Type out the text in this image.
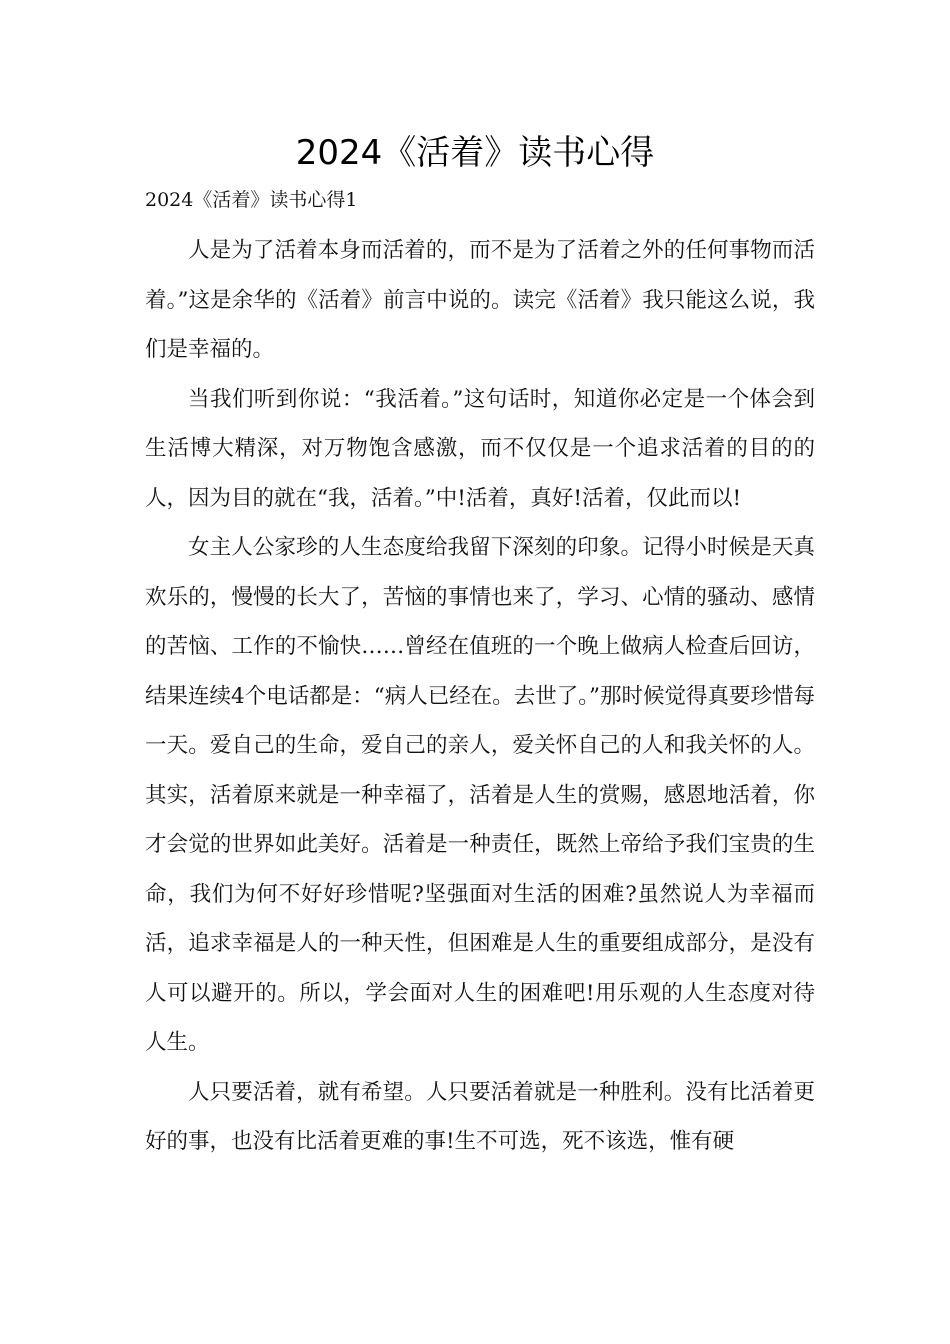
2024《活着》读书心得

2024《活着》读书心得1

人是为了活着本身而活着的，而不是为了活着之外的任何事物而活着。”这是余华的《活着》前言中说的。读完《活着》我只能这么说，我们是幸福的。

当我们听到你说：“我活着。”这句话时，知道你必定是一个体会到生活博大精深，对万物饱含感激，而不仅仅是一个追求活着的目的的人，因为目的就在“我，活着。”中!活着，真好!活着，仅此而以!

女主人公家珍的人生态度给我留下深刻的印象。记得小时候是天真欢乐的，慢慢的长大了，苦恼的事情也来了，学习、心情的骚动、感情的苦恼、工作的不愉快……曾经在值班的一个晚上做病人检查后回访，结果连续4个电话都是：“病人已经在。去世了。”那时候觉得真要珍惜每一天。爱自己的生命，爱自己的亲人，爱关怀自己的人和我关怀的人。其实，活着原来就是一种幸福了，活着是人生的赏赐，感恩地活着，你才会觉的世界如此美好。活着是一种责任，既然上帝给予我们宝贵的生命，我们为何不好好珍惜呢?坚强面对生活的困难?虽然说人为幸福而活，追求幸福是人的一种天性，但困难是人生的重要组成部分，是没有人可以避开的。所以，学会面对人生的困难吧!用乐观的人生态度对待人生。

人只要活着，就有希望。人只要活着就是一种胜利。没有比活着更好的事，也没有比活着更难的事!生不可选，死不该选，惟有硬
